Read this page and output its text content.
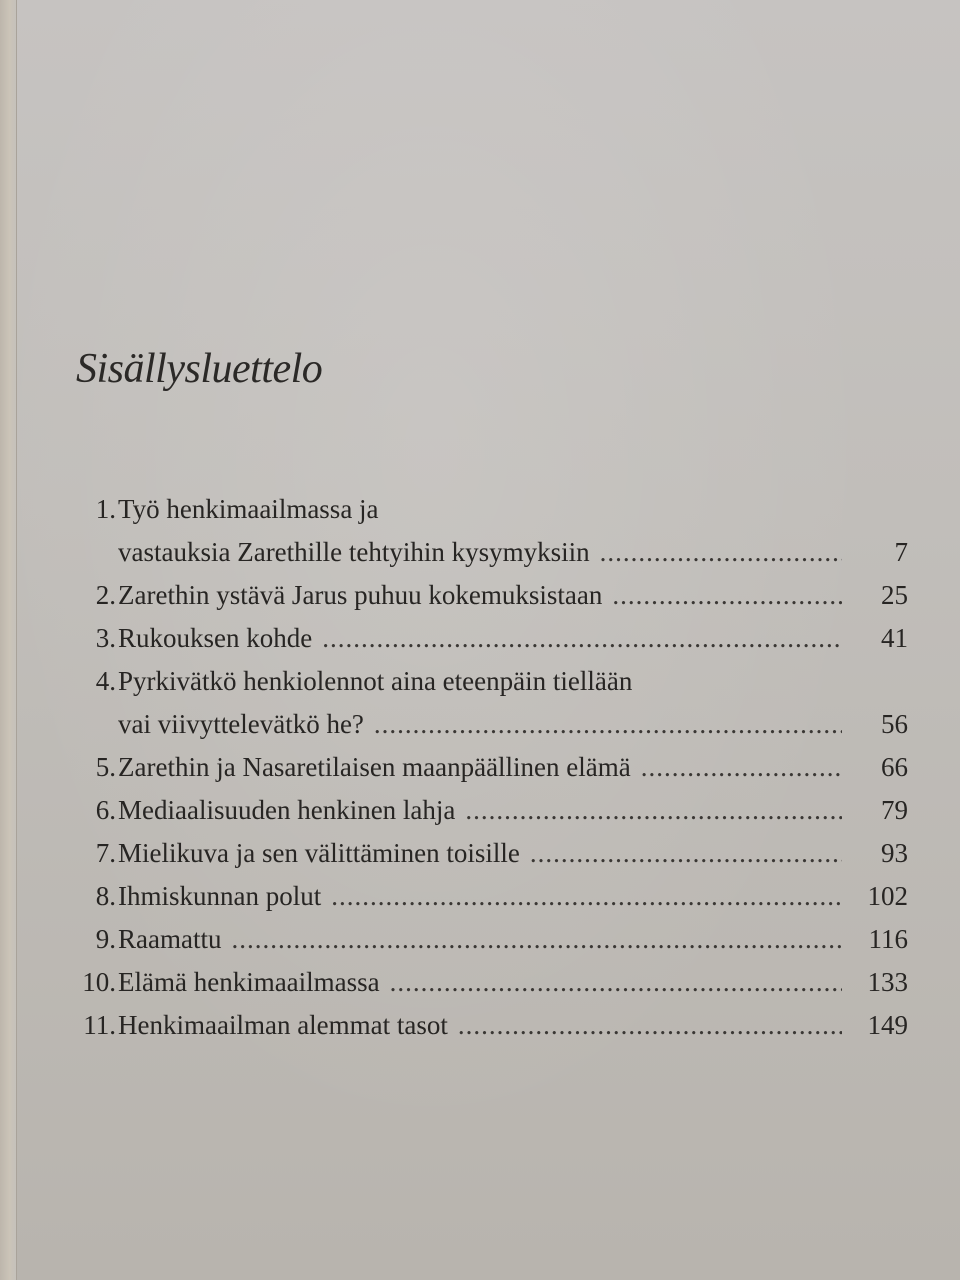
Sisällysluettelo
1. Työ henkimaailmassa ja
vastauksia Zarethille tehtyihin kysymyksiin .....	7
2. Zarethin ystävä Jarus puhuu kokemuksistaan .....	25
3. Rukouksen kohde .....	41
4. Pyrkivätkö henkiolennot aina eteenpäin tiellään
vai viivyttelevätkö he? .....	56
5. Zarethin ja Nasaretilaisen maanpäällinen elämä .....	66
6. Mediaalisuuden henkinen lahja .....	79
7. Mielikuva ja sen välittäminen toisille .....	93
8. Ihmiskunnan polut .....	102
9. Raamattu .....	116
10. Elämä henkimaailmassa .....	133
11. Henkimaailman alemmat tasot .....	149
